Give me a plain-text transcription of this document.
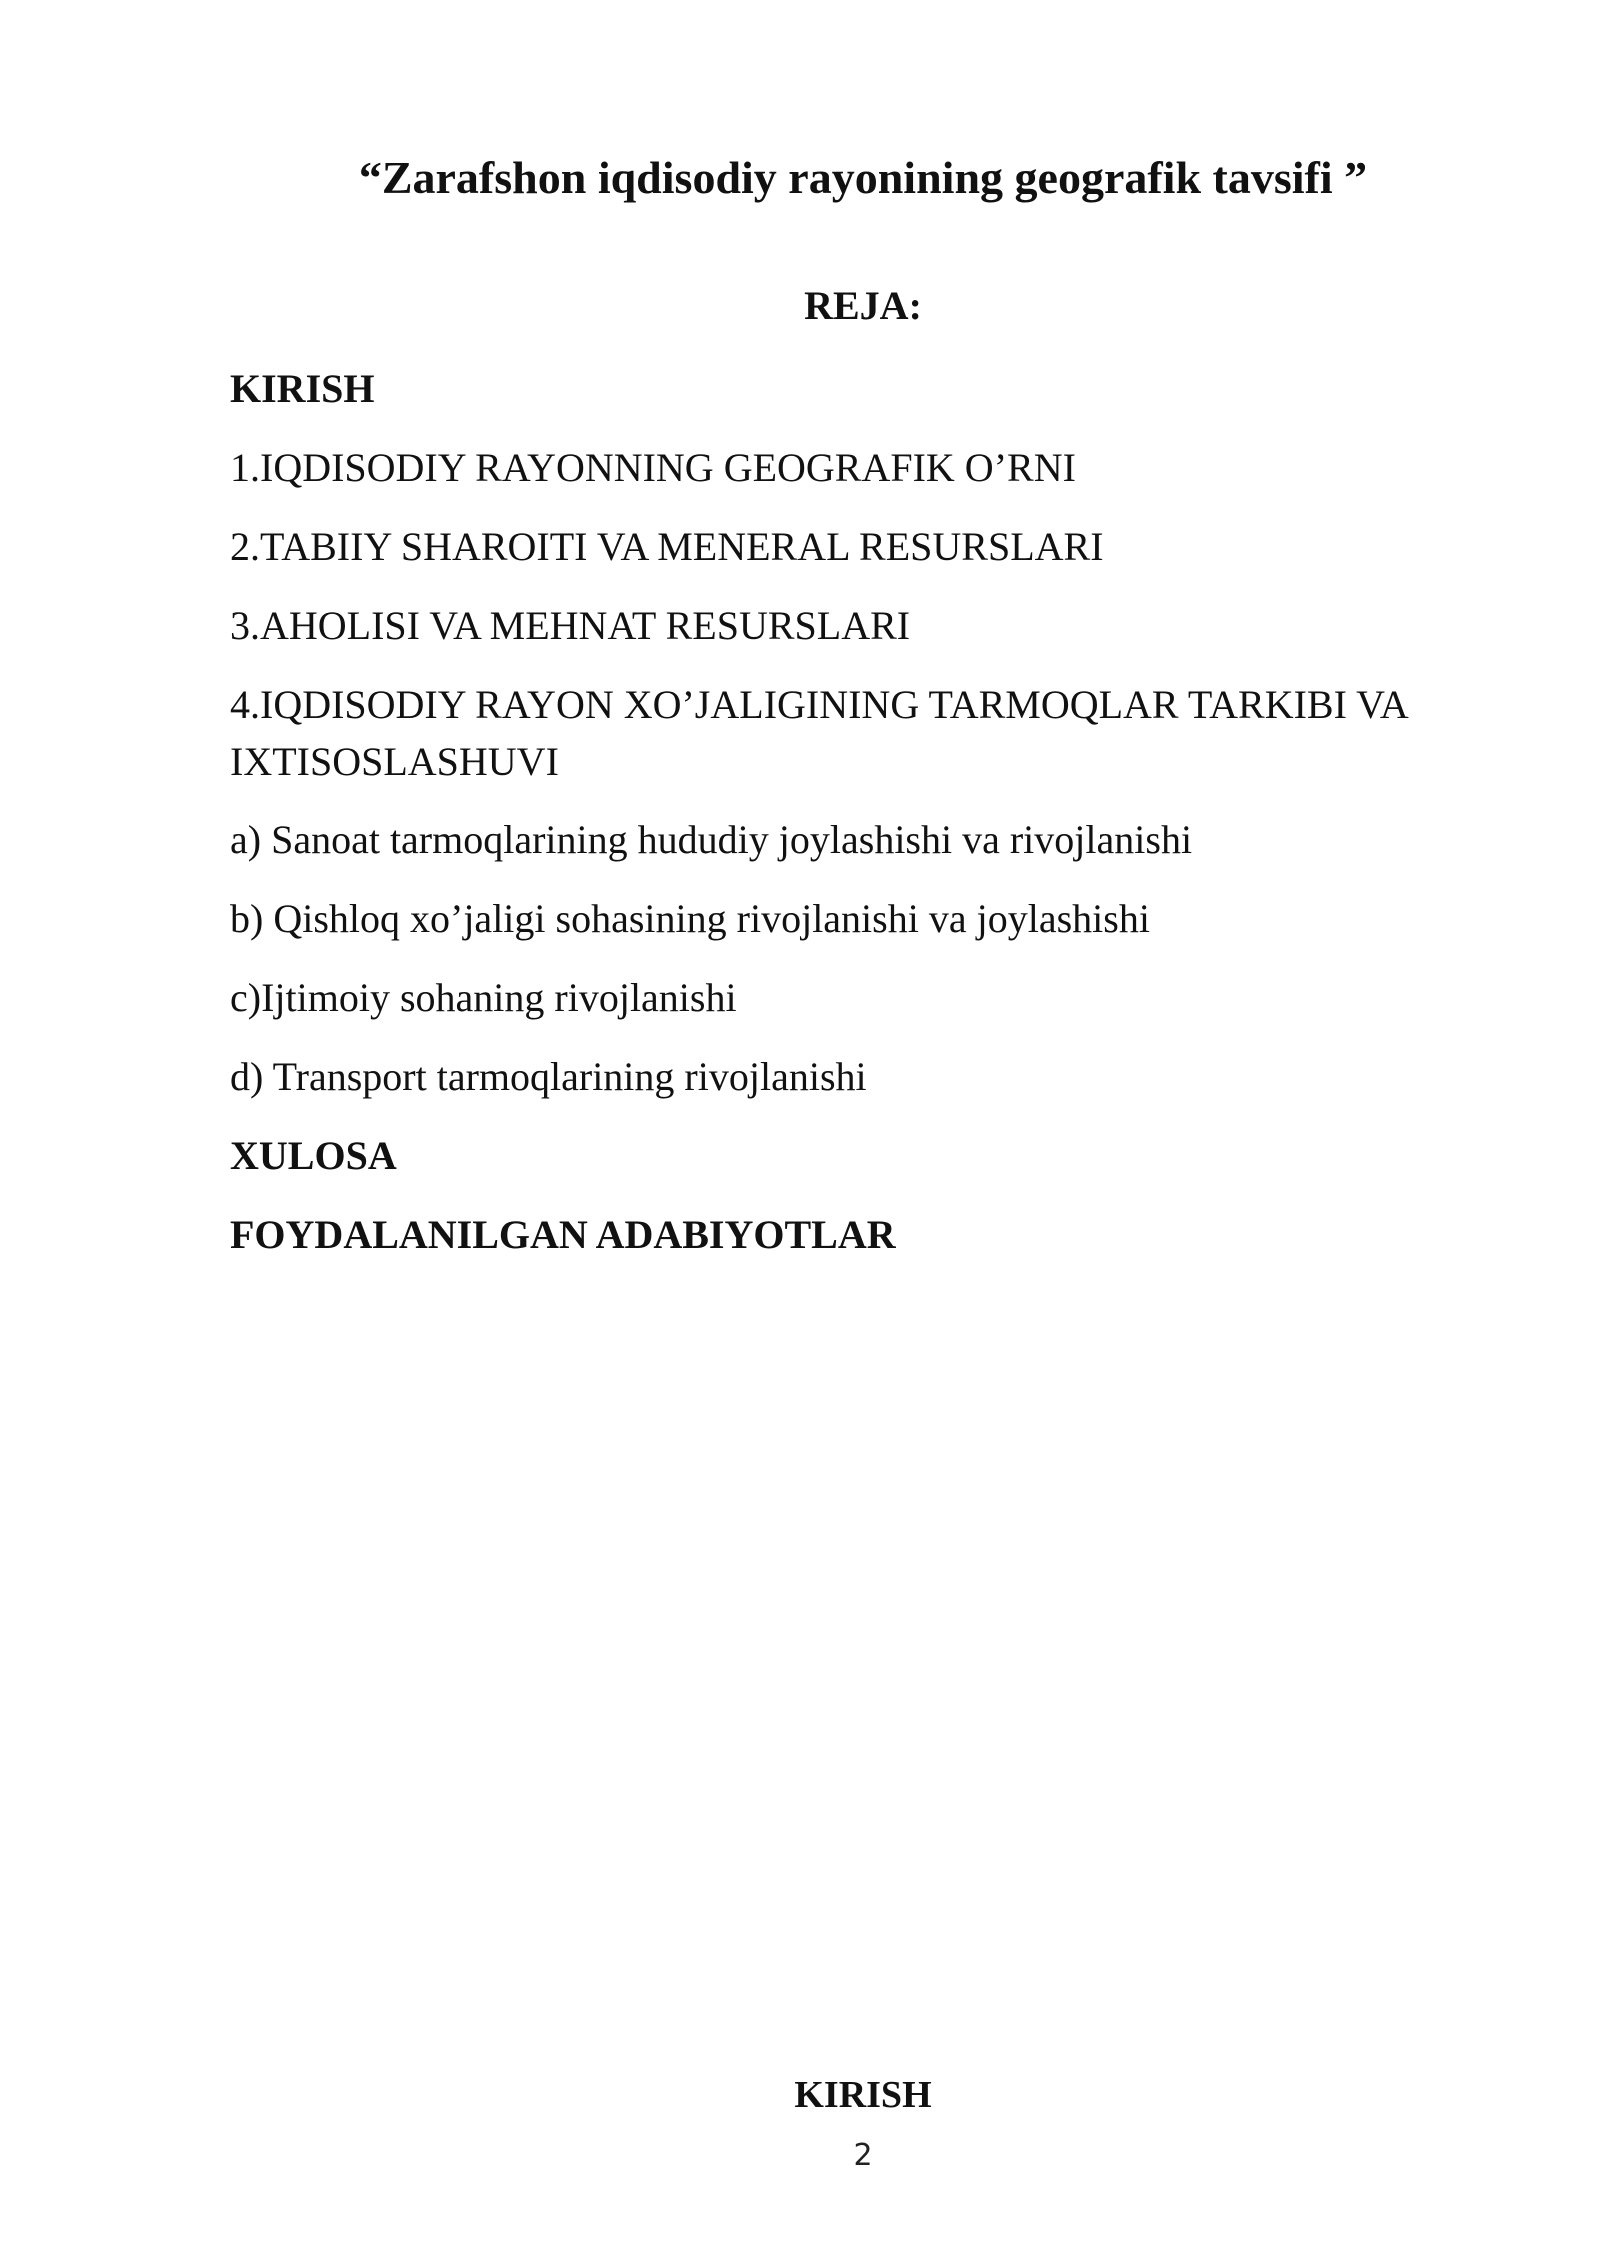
“Zarafshon iqdisodiy rayonining geografik tavsifi ”
REJA:
KIRISH
1.IQDISODIY RAYONNING GEOGRAFIK O’RNI
2.TABIIY SHAROITI VA MENERAL RESURSLARI
3.AHOLISI VA MEHNAT RESURSLARI
4.IQDISODIY RAYON XO’JALIGINING TARMOQLAR TARKIBI VA IXTISOSLASHUVI
a) Sanoat tarmoqlarining hududiy joylashishi va rivojlanishi
b) Qishloq xo’jaligi sohasining rivojlanishi va joylashishi
c)Ijtimoiy sohaning rivojlanishi
d) Transport tarmoqlarining rivojlanishi
XULOSA
FOYDALANILGAN ADABIYOTLAR
KIRISH
2
